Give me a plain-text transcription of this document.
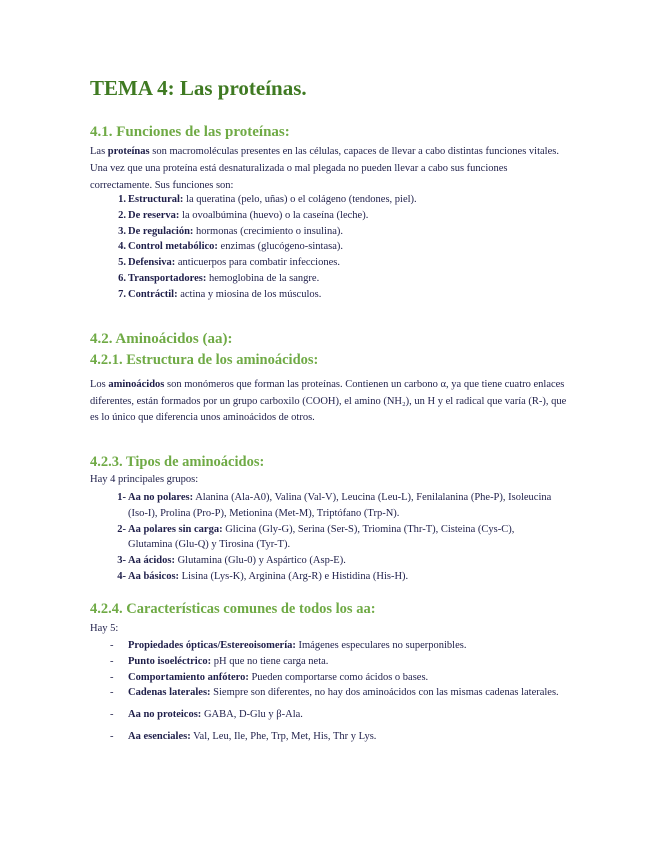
TEMA 4: Las proteínas.
4.1. Funciones de las proteínas:

Las proteínas son macromoléculas presentes en las células, capaces de llevar a cabo distintas funciones vitales. Una vez que una proteína está desnaturalizada o mal plegada no pueden llevar a cabo sus funciones correctamente. Sus funciones son:

1. Estructural: la queratina (pelo, uñas) o el colágeno (tendones, piel).
2. De reserva: la ovoalbúmina (huevo) o la caseína (leche).
3. De regulación: hormonas (crecimiento o insulina).
4. Control metabólico: enzimas (glucógeno-sintasa).
5. Defensiva: anticuerpos para combatir infecciones.
6. Transportadores: hemoglobina de la sangre.
7. Contráctil: actina y miosina de los músculos.
4.2. Aminoácidos (aa):
4.2.1. Estructura de los aminoácidos:

Los aminoácidos son monómeros que forman las proteínas. Contienen un carbono α, ya que tiene cuatro enlaces diferentes, están formados por un grupo carboxilo (COOH), el amino (NH₂), un H y el radical que varía (R-), que es lo único que diferencia unos aminoácidos de otros.

4.2.3. Tipos de aminoácidos:
Hay 4 principales grupos:
1- Aa no polares: Alanina (Ala-A0), Valina (Val-V), Leucina (Leu-L), Fenilalanina (Phe-P), Isoleucina (Iso-I), Prolina (Pro-P), Metionina (Met-M), Triptófano (Trp-N).
2- Aa polares sin carga: Glicina (Gly-G), Serina (Ser-S), Triomina (Thr-T), Cisteina (Cys-C), Glutamina (Glu-Q) y Tirosina (Tyr-T).
3- Aa ácidos: Glutamina (Glu-0) y Aspártico (Asp-E).
4- Aa básicos: Lisina (Lys-K), Arginina (Arg-R) e Histidina (His-H).
4.2.4. Características comunes de todos los aa:
Hay 5:
-	Propiedades ópticas/Estereoisomería: Imágenes especulares no superponibles.
-	Punto isoeléctrico: pH que no tiene carga neta.
-	Comportamiento anfótero: Pueden comportarse como ácidos o bases.
-	Cadenas laterales: Siempre son diferentes, no hay dos aminoácidos con las mismas cadenas laterales.
-	Aa no proteicos: GABA, D-Glu y β-Ala.
-	Aa esenciales: Val, Leu, Ile, Phe, Trp, Met, His, Thr y Lys.
